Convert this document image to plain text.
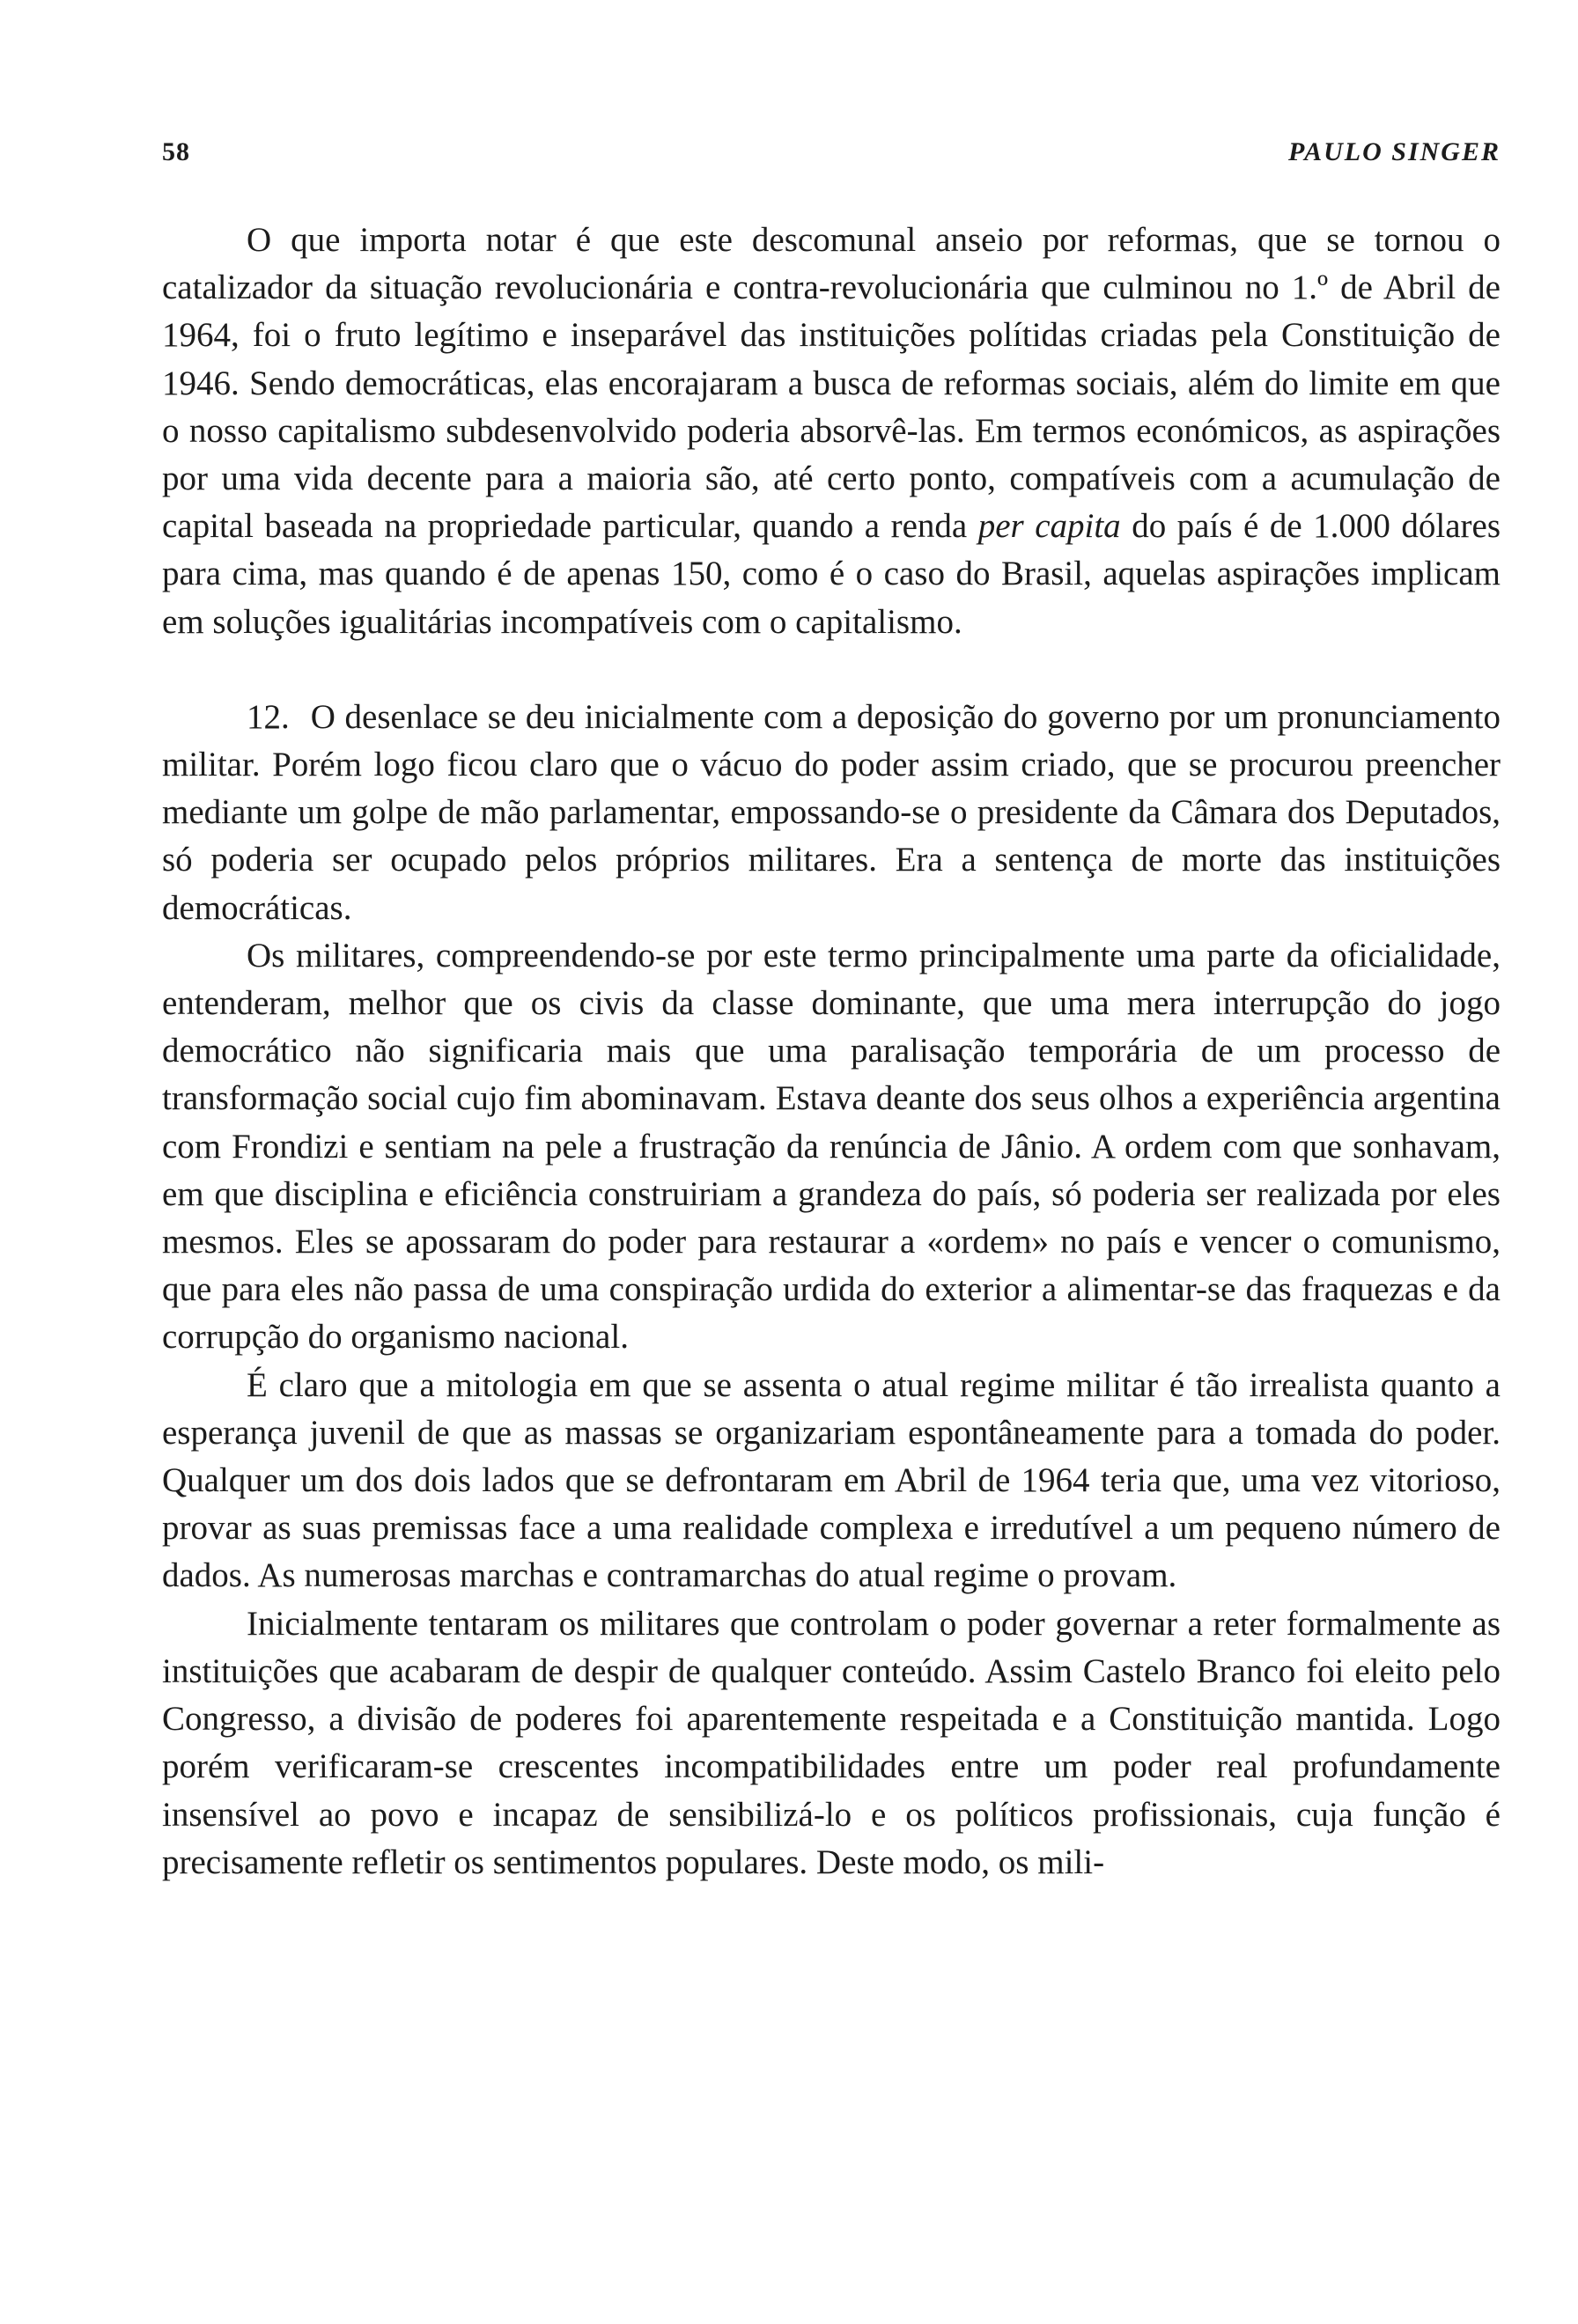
58	PAULO SINGER

O que importa notar é que este descomunal anseio por reformas, que se tornou o catalizador da situação revolucionária e contra-revolucionária que culminou no 1.º de Abril de 1964, foi o fruto legítimo e inseparável das instituições polítidas criadas pela Constituição de 1946. Sendo democráticas, elas encorajaram a busca de reformas sociais, além do limite em que o nosso capitalismo subdesenvolvido poderia absorvê-las. Em termos económicos, as aspirações por uma vida decente para a maioria são, até certo ponto, compatíveis com a acumulação de capital baseada na propriedade particular, quando a renda per capita do país é de 1.000 dólares para cima, mas quando é de apenas 150, como é o caso do Brasil, aquelas aspirações implicam em soluções igualitárias incompatíveis com o capitalismo.

12. O desenlace se deu inicialmente com a deposição do governo por um pronunciamento militar. Porém logo ficou claro que o vácuo do poder assim criado, que se procurou preencher mediante um golpe de mão parlamentar, empossando-se o presidente da Câmara dos Deputados, só poderia ser ocupado pelos próprios militares. Era a sentença de morte das instituições democráticas.

Os militares, compreendendo-se por este termo principalmente uma parte da oficialidade, entenderam, melhor que os civis da classe dominante, que uma mera interrupção do jogo democrático não significaria mais que uma paralisação temporária de um processo de transformação social cujo fim abominavam. Estava deante dos seus olhos a experiência argentina com Frondizi e sentiam na pele a frustração da renúncia de Jânio. A ordem com que sonhavam, em que disciplina e eficiência construiriam a grandeza do país, só poderia ser realizada por eles mesmos. Eles se apossaram do poder para restaurar a «ordem» no país e vencer o comunismo, que para eles não passa de uma conspiração urdida do exterior a alimentar-se das fraquezas e da corrupção do organismo nacional.

É claro que a mitologia em que se assenta o atual regime militar é tão irrealista quanto a esperança juvenil de que as massas se organizariam espontâneamente para a tomada do poder. Qualquer um dos dois lados que se defrontaram em Abril de 1964 teria que, uma vez vitorioso, provar as suas premissas face a uma realidade complexa e irredutível a um pequeno número de dados. As numerosas marchas e contramarchas do atual regime o provam.

Inicialmente tentaram os militares que controlam o poder governar a reter formalmente as instituições que acabaram de despir de qualquer conteúdo. Assim Castelo Branco foi eleito pelo Congresso, a divisão de poderes foi aparentemente respeitada e a Constituição mantida. Logo porém verificaram-se crescentes incompatibilidades entre um poder real profundamente insensível ao povo e incapaz de sensibilizá-lo e os políticos profissionais, cuja função é precisamente refletir os sentimentos populares. Deste modo, os mili-
